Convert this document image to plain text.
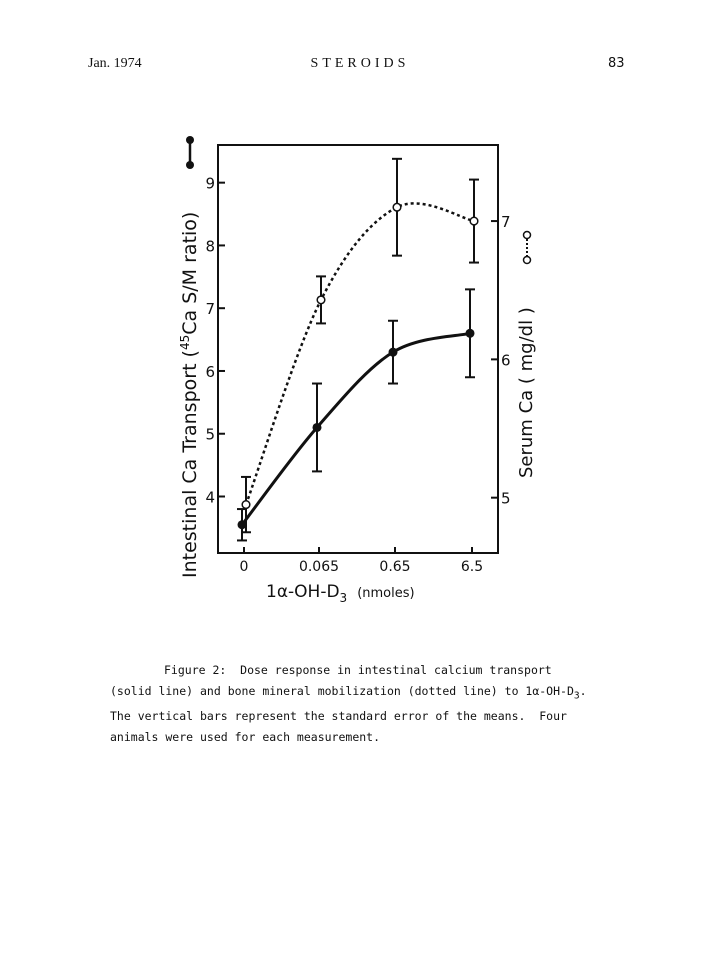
Jan. 1974	STEROIDS	83
4
5
6
7
8
9
5
6
7
0	0.065	0.65	6.5
Intestinal Ca Transport ($^{45}$Ca S/M ratio)
Serum Ca ( mg/dl )
$1\alpha-OH-D_3$ $^{(nmoles)}$
Figure 2:  Dose response in intestinal calcium transport
(solid line) and bone mineral mobilization (dotted line) to $1\alpha-OH-D_3$.
The vertical bars represent the standard error of the means.  Four
animals were used for each measurement.
